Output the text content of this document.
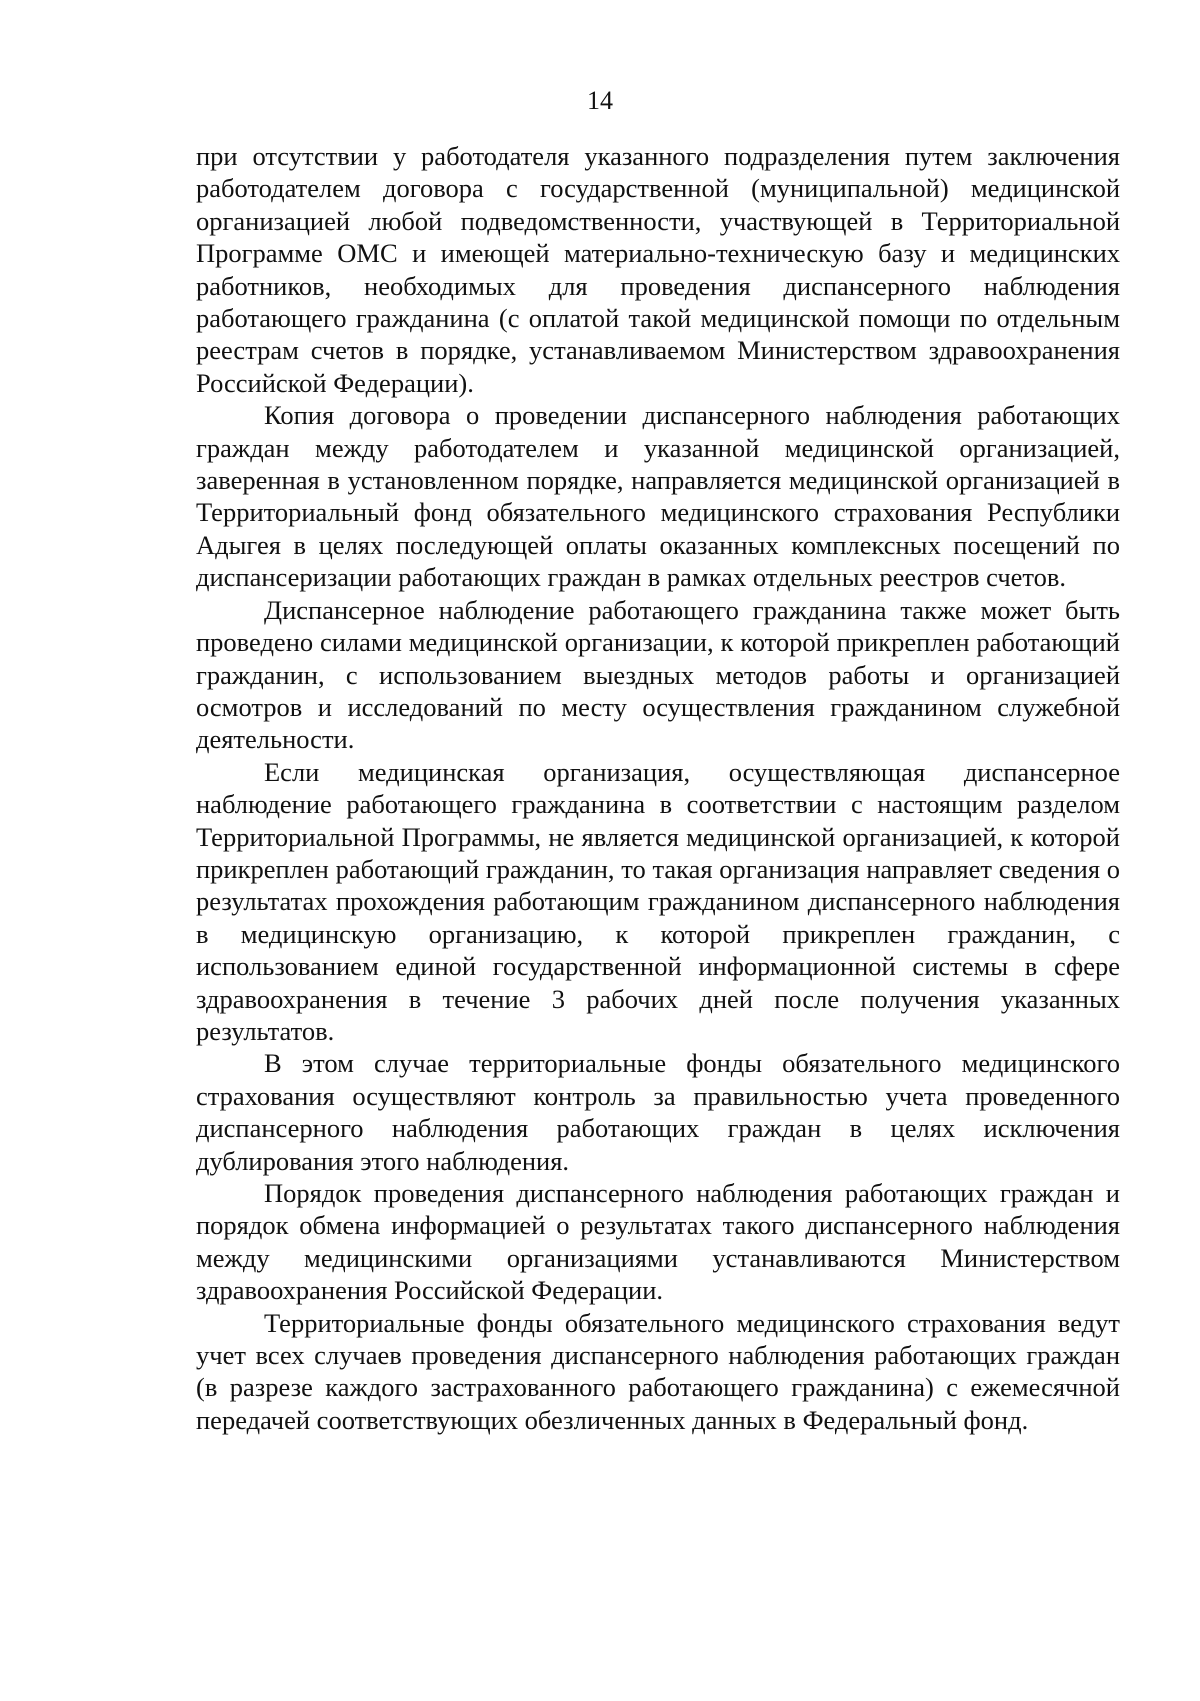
14

при отсутствии у работодателя указанного подразделения путем заключения работодателем договора с государственной (муниципальной) медицинской организацией любой подведомственности, участвующей в Территориальной Программе ОМС и имеющей материально-техническую базу и медицинских работников, необходимых для проведения диспансерного наблюдения работающего гражданина (с оплатой такой медицинской помощи по отдельным реестрам счетов в порядке, устанавливаемом Министерством здравоохранения Российской Федерации).

Копия договора о проведении диспансерного наблюдения работающих граждан между работодателем и указанной медицинской организацией, заверенная в установленном порядке, направляется медицинской организацией в Территориальный фонд обязательного медицинского страхования Республики Адыгея в целях последующей оплаты оказанных комплексных посещений по диспансеризации работающих граждан в рамках отдельных реестров счетов.

Диспансерное наблюдение работающего гражданина также может быть проведено силами медицинской организации, к которой прикреплен работающий гражданин, с использованием выездных методов работы и организацией осмотров и исследований по месту осуществления гражданином служебной деятельности.

Если медицинская организация, осуществляющая диспансерное наблюдение работающего гражданина в соответствии с настоящим разделом Территориальной Программы, не является медицинской организацией, к которой прикреплен работающий гражданин, то такая организация направляет сведения о результатах прохождения работающим гражданином диспансерного наблюдения в медицинскую организацию, к которой прикреплен гражданин, с использованием единой государственной информационной системы в сфере здравоохранения в течение 3 рабочих дней после получения указанных результатов.

В этом случае территориальные фонды обязательного медицинского страхования осуществляют контроль за правильностью учета проведенного диспансерного наблюдения работающих граждан в целях исключения дублирования этого наблюдения.

Порядок проведения диспансерного наблюдения работающих граждан и порядок обмена информацией о результатах такого диспансерного наблюдения между медицинскими организациями устанавливаются Министерством здравоохранения Российской Федерации.

Территориальные фонды обязательного медицинского страхования ведут учет всех случаев проведения диспансерного наблюдения работающих граждан (в разрезе каждого застрахованного работающего гражданина) с ежемесячной передачей соответствующих обезличенных данных в Федеральный фонд.
